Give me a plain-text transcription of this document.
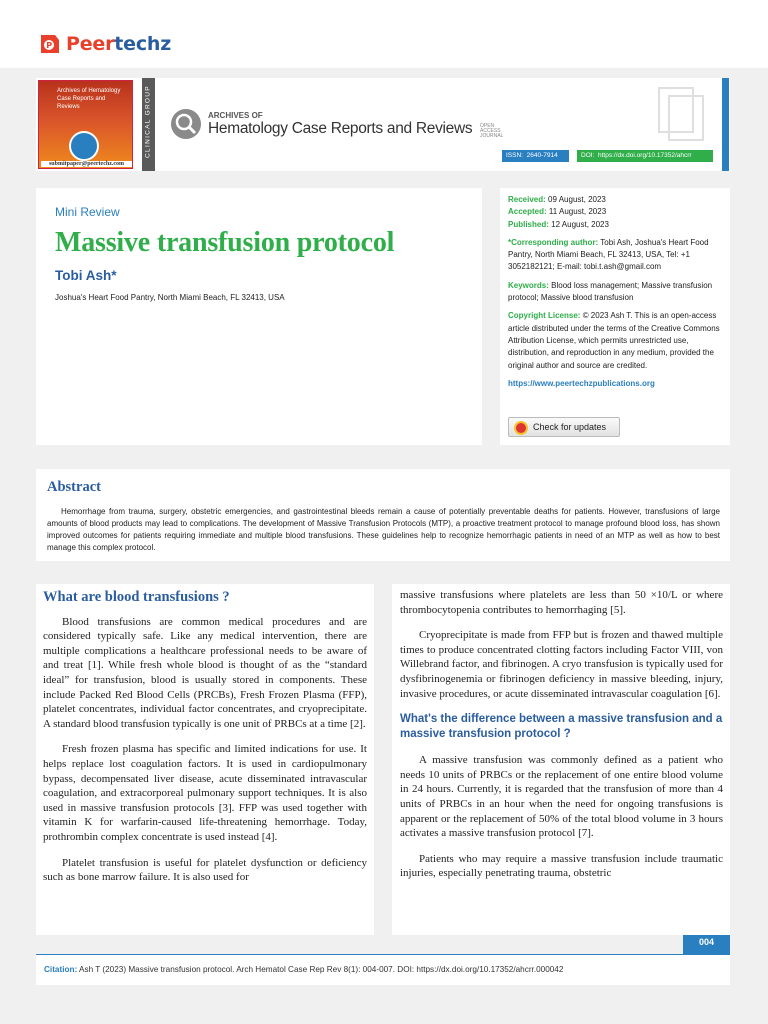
P Peertechz
Archives of Hematology Case Reports and Reviews
submitpaper@peertechz.com
CLINICAL GROUP	ARCHIVES OF
Hematology Case Reports and Reviews OPEN ACCESS JOURNAL
ISSN: 2640-7914	DOI: https://dx.doi.org/10.17352/ahcrr
Mini Review
Massive transfusion protocol
Tobi Ash*
Joshua's Heart Food Pantry, North Miami Beach, FL 32413, USA

Received: 09 August, 2023
Accepted: 11 August, 2023
Published: 12 August, 2023

*Corresponding author: Tobi Ash, Joshua's Heart Food Pantry, North Miami Beach, FL 32413, USA, Tel: +1 3052182121; E-mail: tobi.t.ash@gmail.com

Keywords: Blood loss management; Massive transfusion protocol; Massive blood transfusion

Copyright License: © 2023 Ash T. This is an open-access article distributed under the terms of the Creative Commons Attribution License, which permits unrestricted use, distribution, and reproduction in any medium, provided the original author and source are credited.

https://www.peertechzpublications.org

Check for updates
Abstract
Hemorrhage from trauma, surgery, obstetric emergencies, and gastrointestinal bleeds remain a cause of potentially preventable deaths for patients. However, transfusions of large amounts of blood products may lead to complications. The development of Massive Transfusion Protocols (MTP), a proactive treatment protocol to manage profound blood loss, has shown improved outcomes for patients requiring immediate and multiple blood transfusions. These guidelines help to recognize hemorrhagic patients in need of an MTP as well as how to best manage this complex protocol.
What are blood transfusions ?

Blood transfusions are common medical procedures and are considered typically safe. Like any medical intervention, there are multiple complications a healthcare professional needs to be aware of and treat [1]. While fresh whole blood is thought of as the “standard ideal” for transfusion, blood is usually stored in components. These include Packed Red Blood Cells (PRCBs), Fresh Frozen Plasma (FFP), platelet concentrates, individual factor concentrates, and cryoprecipitate. A standard blood transfusion typically is one unit of PRBCs at a time [2].

Fresh frozen plasma has specific and limited indications for use. It helps replace lost coagulation factors. It is used in cardiopulmonary bypass, decompensated liver disease, acute disseminated intravascular coagulation, and extracorporeal pulmonary support techniques. It is also used in massive transfusion protocols [3]. FFP was used together with vitamin K for warfarin-caused life-threatening hemorrhage. Today, prothrombin complex concentrate is used instead [4].

Platelet transfusion is useful for platelet dysfunction or deficiency such as bone marrow failure. It is also used for

massive transfusions where platelets are less than 50 ×10/L or where thrombocytopenia contributes to hemorrhaging [5].

Cryoprecipitate is made from FFP but is frozen and thawed multiple times to produce concentrated clotting factors including Factor VIII, von Willebrand factor, and fibrinogen. A cryo transfusion is typically used for dysfibrinogenemia or fibrinogen deficiency in massive bleeding, injury, invasive procedures, or acute disseminated intravascular coagulation [6].

What's the difference between a massive transfusion and a massive transfusion protocol ?

A massive transfusion was commonly defined as a patient who needs 10 units of PRBCs or the replacement of one entire blood volume in 24 hours. Currently, it is regarded that the transfusion of more than 4 units of PRBCs in an hour when the need for ongoing transfusions is apparent or the replacement of 50% of the total blood volume in 3 hours activates a massive transfusion protocol [7].

Patients who may require a massive transfusion include traumatic injuries, especially penetrating trauma, obstetric

004
Citation: Ash T (2023) Massive transfusion protocol. Arch Hematol Case Rep Rev 8(1): 004-007. DOI: https://dx.doi.org/10.17352/ahcrr.000042
